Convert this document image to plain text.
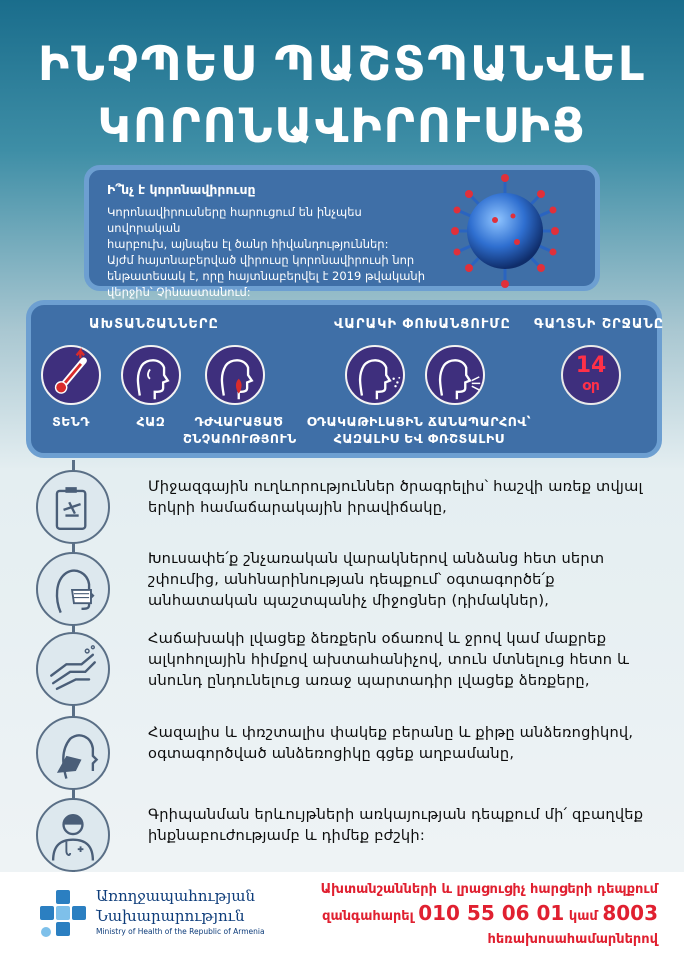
ԻՆՉՊԵՍ ՊԱՇՏՊԱՆՎԵԼ
ԿՈՐՈՆԱՎԻՐՈՒՍԻՑ
Ի՞նչ է կորոնավիրուսը
Կորոնավիրուսները հարուցում են ինչպես սովորական
հարբուխ, այնպես էլ ծանր հիվանդություններ:
Այժմ հայտնաբերված վիրուսը կորոնավիրուսի նոր
ենթատեսակ է, որը հայտնաբերվել է 2019 թվականի
վերջին՝ Չինաստանում:
ԱԽՏԱՆՇԱՆՆԵՐԸ	ՎԱՐԱԿԻ ՓՈԽԱՆՑՈՒՄԸ ԳԱՂՏՆԻ ՇՐՋԱՆԸ
14
օր
ՏԵՆԴ	ՀԱԶ	ԴԺՎԱՐԱՑԱԾ
ՇՆՉԱՌՈՒԹՅՈՒՆ
ՕԴԱԿԱԹԻԼԱՅԻՆ ՃԱՆԱՊԱՐՀՈՎ՝
ՀԱԶԱԼԻՍ ԵՎ ՓՌՇՏԱԼԻՍ
Միջազգային ուղևորություններ ծրագրելիս՝ հաշվի առեք տվյալ երկրի համաճարակային իրավիճակը,
Խուսափե՛ք շնչառական վարակներով անձանց հետ սերտ շփումից, անհնարինության դեպքում՝ օգտագործե՛ք անհատական պաշտպանիչ միջոցներ (դիմակներ),
Հաճախակի լվացեք ձեռքերն օճառով և ջրով կամ մաքրեք ալկոհոլային հիմքով ախտահանիչով, տուն մտնելուց հետո և սնունդ ընդունելուց առաջ պարտադիր լվացեք ձեռքերը,
Հազալիս և փռշտալիս փակեք բերանը և քիթը անձեռոցիկով, օգտագործված անձեռոցիկը գցեք աղբամանը,
Գրիպանման երևույթների առկայության դեպքում մի՛ զբաղվեք ինքնաբուժությամբ և դիմեք բժշկի:
Առողջապահության
Նախարարություն
Ministry of Health of the Republic of Armenia
Ախտանշանների և լրացուցիչ հարցերի դեպքում
զանգահարել 010 55 06 01 կամ 8003
հեռախոսահամարներով
